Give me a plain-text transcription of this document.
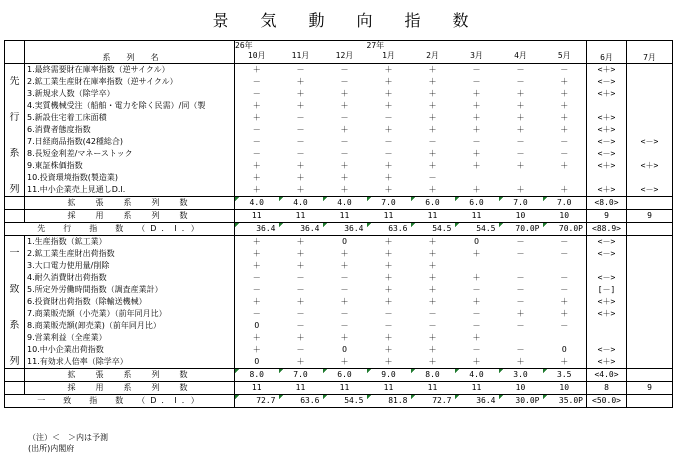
景 気 動 向 指 数
	系　　列　　名	26年
10月	11月	12月	27年
1月	2月	3月	4月	5月	6月	7月

	1.最終需要財在庫率指数（逆サイクル）	＋	－	－	＋	＋	－	－	－	<＋>	
先	2.鉱工業生産財在庫率指数（逆サイクル）	－	＋	－	＋	＋	－	－	＋	<－>	
	3.新規求人数（除学卒）	－	＋	＋	＋	＋	＋	＋	＋	<＋>	
	4.実質機械受注（船舶・電力を除く民需）/同（製	＋	＋	＋	＋	＋	＋	＋	＋		
行	5.新設住宅着工床面積	＋	－	－	－	＋	＋	＋	＋	<＋>	
	6.消費者態度指数	－	－	＋	＋	＋	＋	＋	＋	<＋>	
	7.日経商品指数(42種総合)	－	－	－	－	－	－	－	－	<－>	<－>
系	8.長短金利差/マネーストック	－	－	－	－	＋	＋	－	－	<－>	
	9.東証株価指数	＋	＋	＋	＋	＋	＋	＋	＋	<＋>	<＋>
	10.投資環境指数(製造業)	＋	＋	＋	＋	－					
列	11.中小企業売上見通しD.I.	＋	＋	＋	＋	＋	＋	＋	＋	<＋>	<－>
	拡　張　系　列　数	4.0	4.0	4.0	7.0	6.0	6.0	7.0	7.0	<8.0>	
	採　用　系　列　数	11	11	11	11	11	11	10	10	9	9
先　行　指　数　（D．I．）		36.4	36.4	36.4	63.6	54.5	54.5	70.0P	70.0P	<88.9>	
	1.生産指数（鉱工業）	＋	＋	O	＋	＋	O	－	－	<－>	
一	2.鉱工業生産財出荷指数	＋	＋	＋	＋	＋	＋	－	－	<－>	
	3.大口電力使用量/削除	＋	＋	＋	＋	＋					
	4.耐久消費財出荷指数	－	－	－	＋	＋	＋	－	－	<－>	
致	5.所定外労働時間指数（調査産業計）	－	－	－	＋	＋	－	－	－	[－]	
	6.投資財出荷指数（除輸送機械）	＋	＋	＋	＋	＋	＋	－	＋	<＋>	
	7.商業販売額（小売業）（前年同月比）	－	－	－	－	－	－	＋	＋	<＋>	
系	8.商業販売額(卸売業)（前年同月比）	O	－	－	－	－	－	－	－		
	9.営業利益（全産業）	＋	＋	＋	＋	＋	＋				
	10.中小企業出荷指数	＋	－	O	＋	＋	－	－	O	<－>	
列	11.有効求人倍率（除学卒）	O	＋	＋	＋	＋	＋	＋	＋	<＋>	
	拡　張　系　列　数	8.0	7.0	6.0	9.0	8.0	4.0	3.0	3.5	<4.0>	
	採　用　系　列　数	11	11	11	11	11	11	10	10	8	9
一　致　指　数　（D．I．）		72.7	63.6	54.5	81.8	72.7	36.4	30.0P	35.0P	<50.0>	
（注）＜　＞内は予測
(出所)内閣府
